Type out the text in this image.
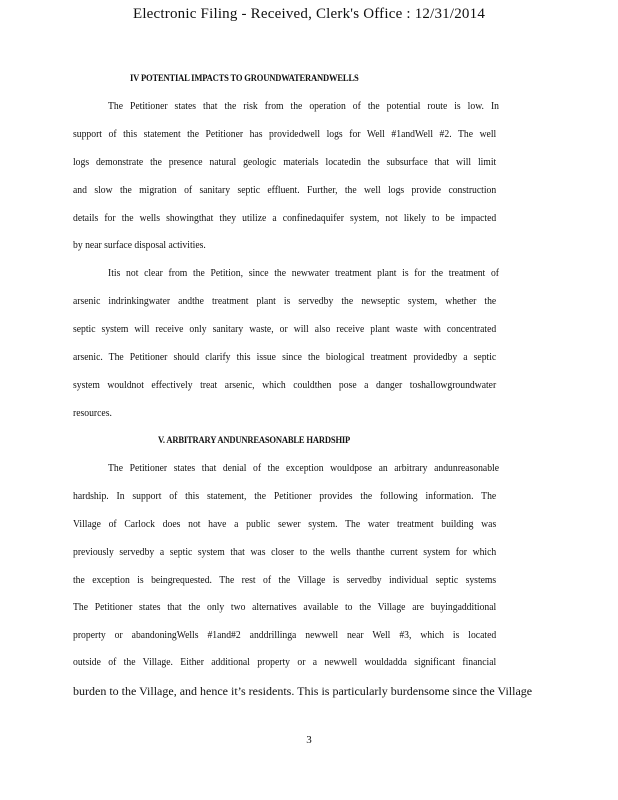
Electronic Filing - Received, Clerk's Office : 12/31/2014
IV POTENTIAL IMPACTS TO GROUNDWATERANDWELLS
The Petitioner states that the risk from the operation of the potential route is low. In
support of this statement the Petitioner has providedwell logs for Well #1andWell #2. The well
logs demonstrate the presence natural geologic materials locatedin the subsurface that will limit
and slow the migration of sanitary septic effluent. Further, the well logs provide construction
details for the wells showingthat they utilize a confinedaquifer system, not likely to be impacted
by near surface disposal activities.
Itis not clear from the Petition, since the newwater treatment plant is for the treatment of
arsenic indrinkingwater andthe treatment plant is servedby the newseptic system, whether the
septic system will receive only sanitary waste, or will also receive plant waste with concentrated
arsenic. The Petitioner should clarify this issue since the biological treatment providedby a septic
system wouldnot effectively treat arsenic, which couldthen pose a danger toshallowgroundwater
resources.
V. ARBITRARY ANDUNREASONABLE HARDSHIP
The Petitioner states that denial of the exception wouldpose an arbitrary andunreasonable
hardship. In support of this statement, the Petitioner provides the following information. The
Village of Carlock does not have a public sewer system. The water treatment building was
previously servedby a septic system that was closer to the wells thanthe current system for which
the exception is beingrequested. The rest of the Village is servedby individual septic systems
The Petitioner states that the only two alternatives available to the Village are buyingadditional
property or abandoningWells #1and#2 anddrillinga newwell near Well #3, which is located
outside of the Village. Either additional property or a newwell wouldadda significant financial
burden to the Village, and hence it’s residents. This is particularly burdensome since the Village
3
